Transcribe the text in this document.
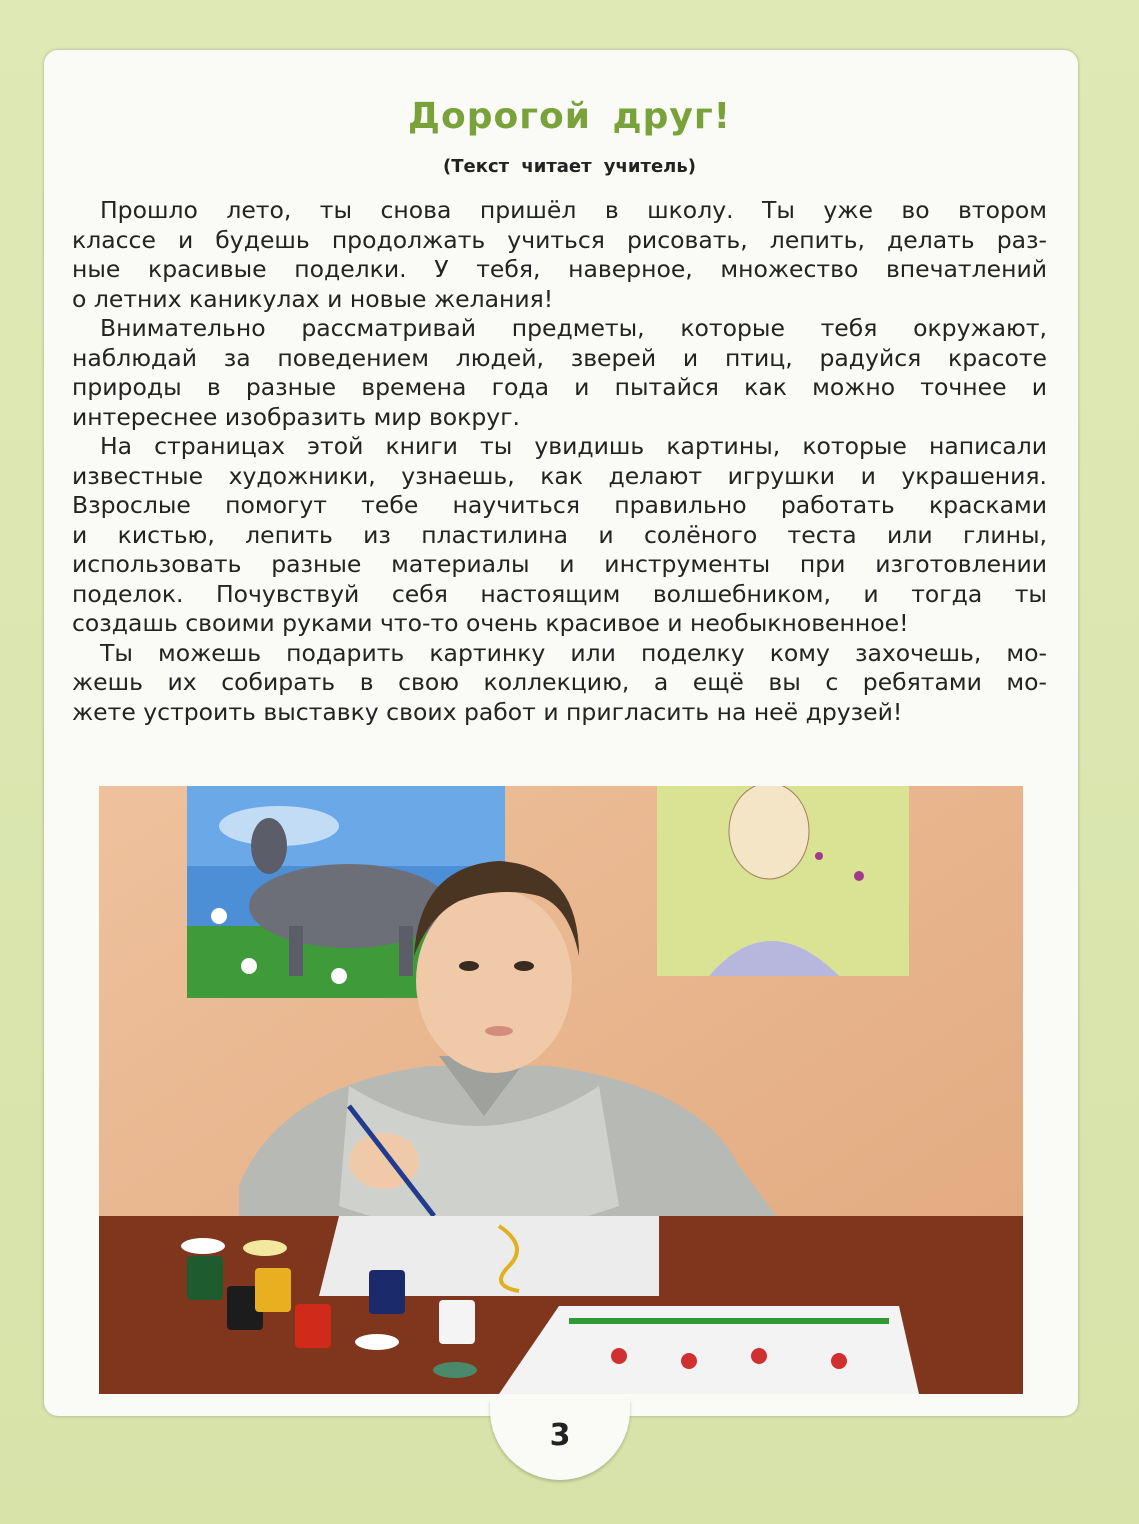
Дорогой друг!
(Текст читает учитель)
Прошло лето, ты снова пришёл в школу. Ты уже во втором
классе и будешь продолжать учиться рисовать, лепить, делать раз-
ные красивые поделки. У тебя, наверное, множество впечатлений
о летних каникулах и новые желания!
Внимательно рассматривай предметы, которые тебя окружают,
наблюдай за поведением людей, зверей и птиц, радуйся красоте
природы в разные времена года и пытайся как можно точнее и
интереснее изобразить мир вокруг.
На страницах этой книги ты увидишь картины, которые написали
известные художники, узнаешь, как делают игрушки и украшения.
Взрослые помогут тебе научиться правильно работать красками
и кистью, лепить из пластилина и солёного теста или глины,
использовать разные материалы и инструменты при изготовлении
поделок. Почувствуй себя настоящим волшебником, и тогда ты
создашь своими руками что-то очень красивое и необыкновенное!
Ты можешь подарить картинку или поделку кому захочешь, мо-
жешь их собирать в свою коллекцию, а ещё вы с ребятами мо-
жете устроить выставку своих работ и пригласить на неё друзей!
3
